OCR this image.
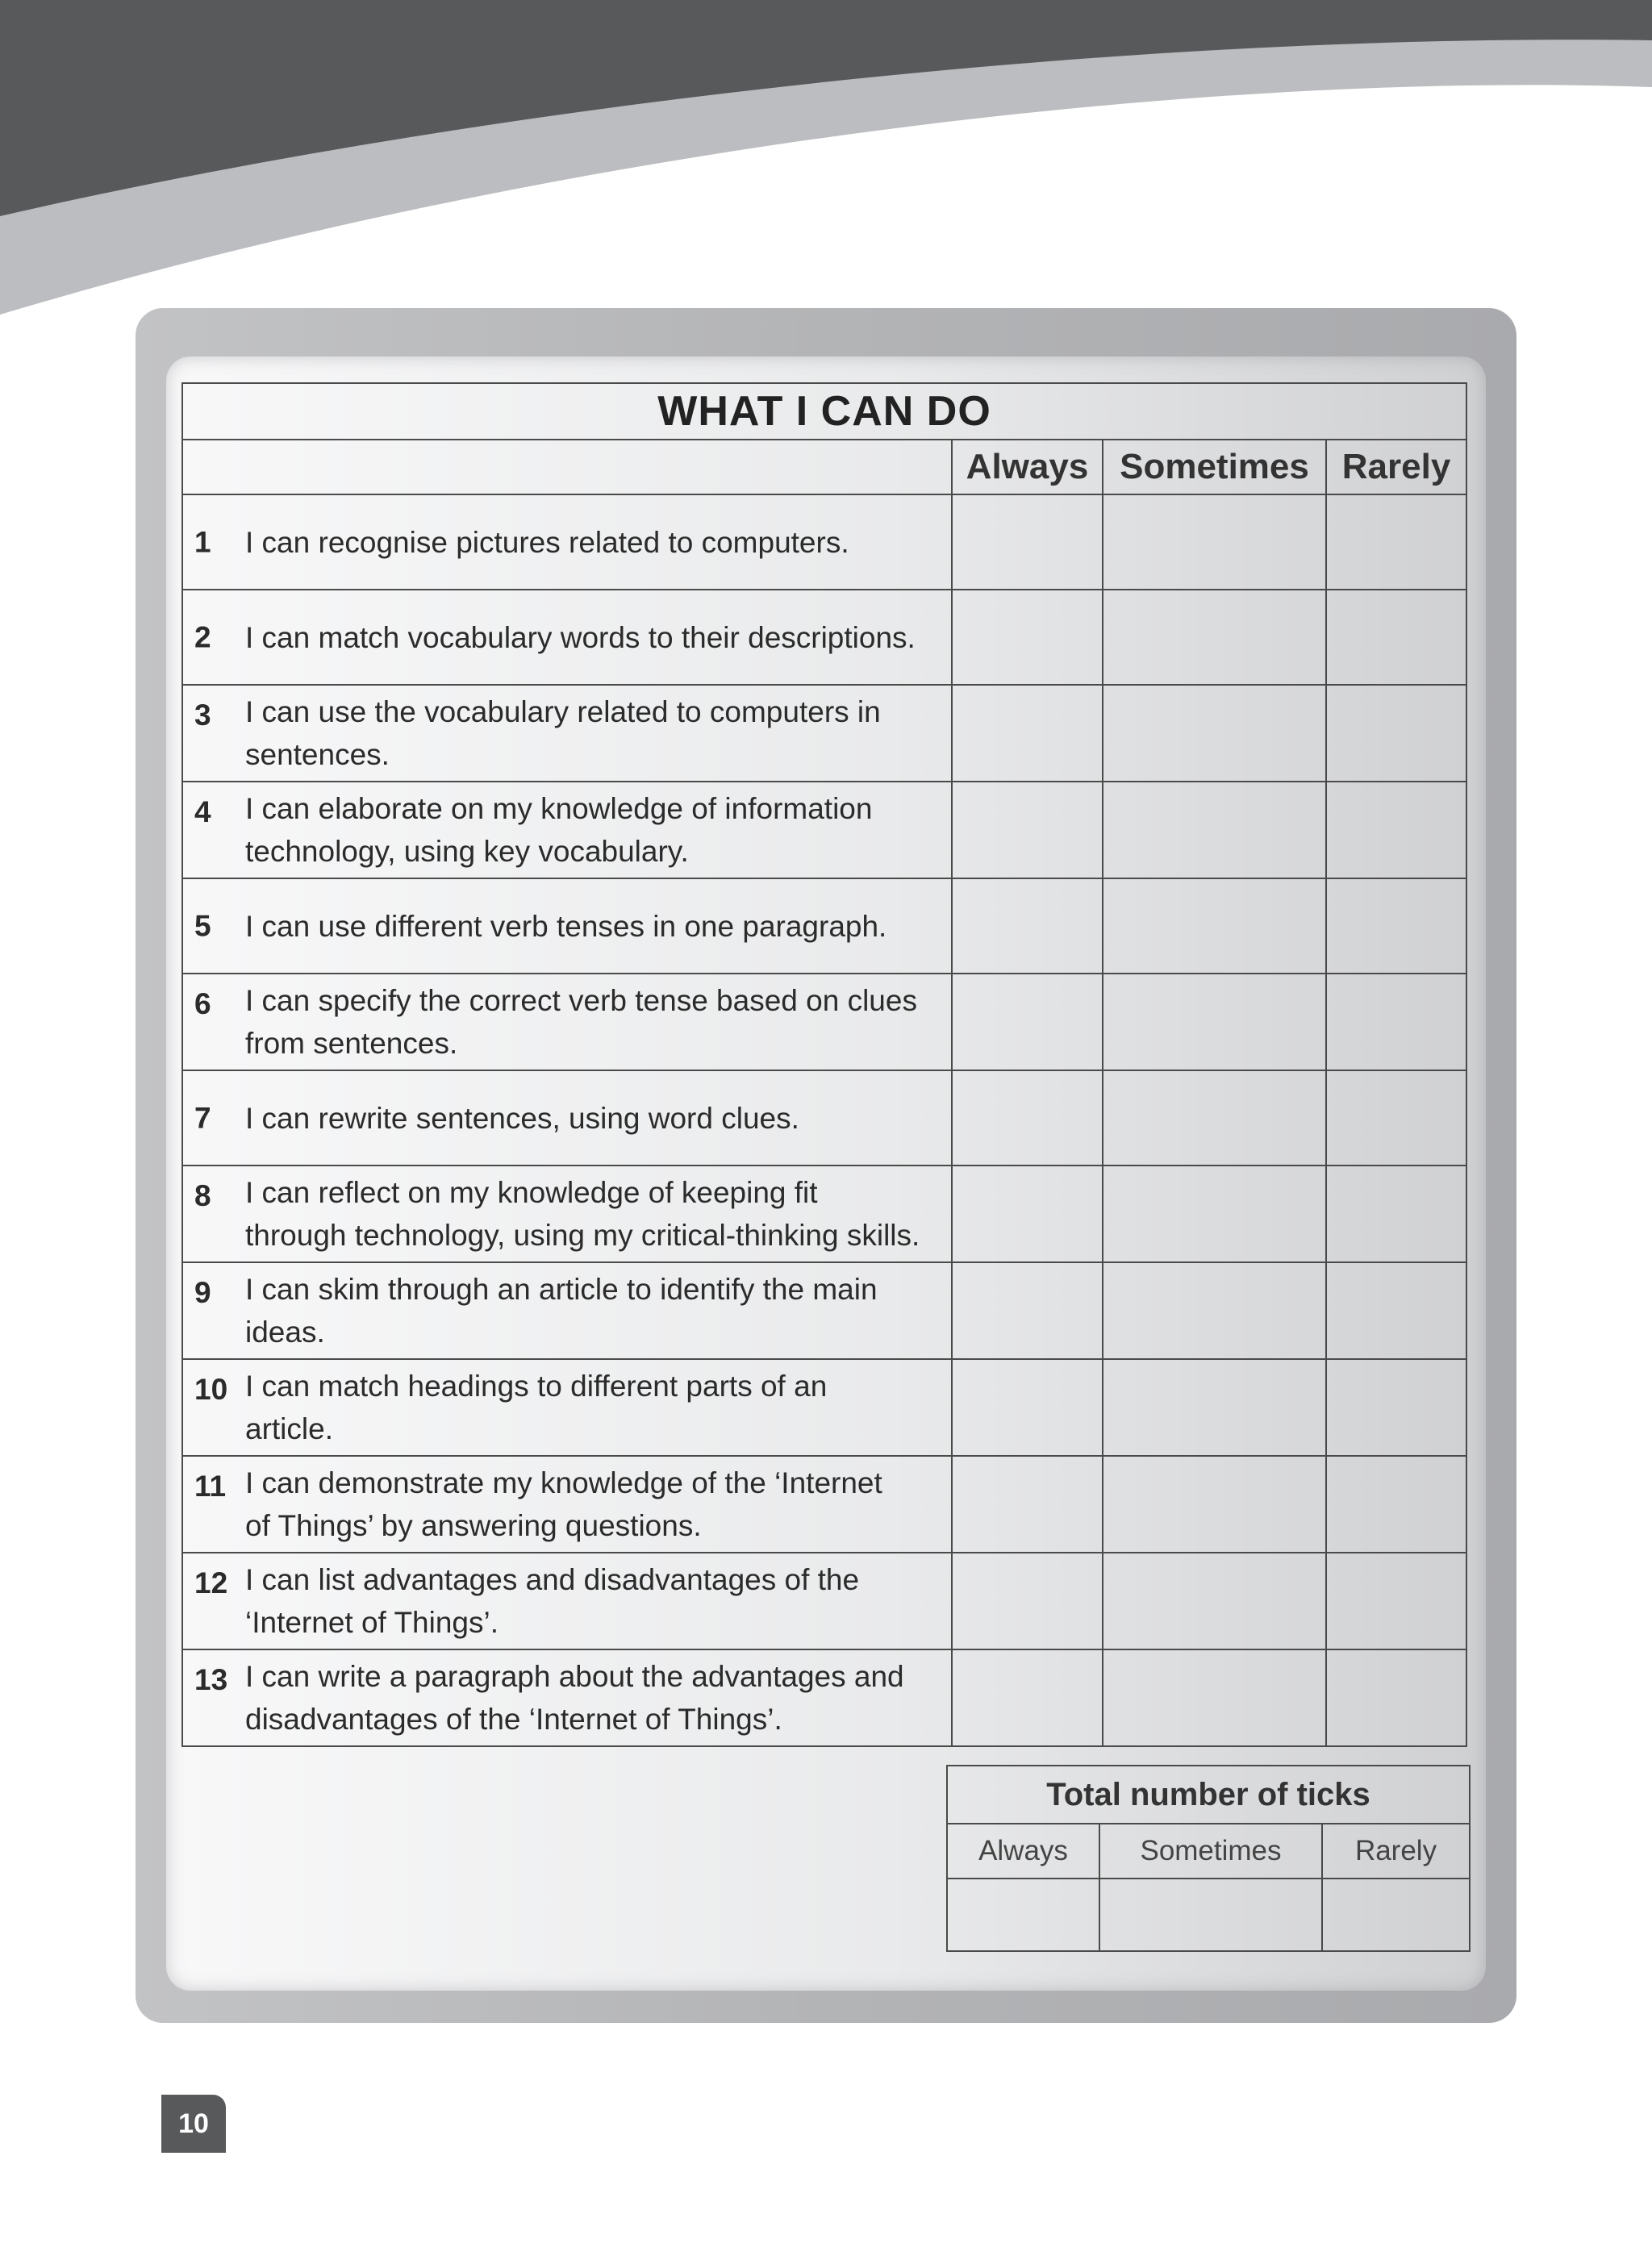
WHAT I CAN DO			
	Always	Sometimes	Rarely

1 I can recognise pictures related to computers.			

2 I can match vocabulary words to their descriptions.			

3 I can use the vocabulary related to computers in
sentences.			

4 I can elaborate on my knowledge of information
technology, using key vocabulary.			

5 I can use different verb tenses in one paragraph.			

6 I can specify the correct verb tense based on clues
from sentences.			

7 I can rewrite sentences, using word clues.			

8 I can reflect on my knowledge of keeping fit
through technology, using my critical-thinking skills.			

9 I can skim through an article to identify the main
ideas.			

10 I can match headings to different parts of an
article.			

11 I can demonstrate my knowledge of the ‘Internet
of Things’ by answering questions.			

12 I can list advantages and disadvantages of the
‘Internet of Things’.			

13 I can write a paragraph about the advantages and
disadvantages of the ‘Internet of Things’.			

Total number of ticks		
Always	Sometimes	Rarely

10
